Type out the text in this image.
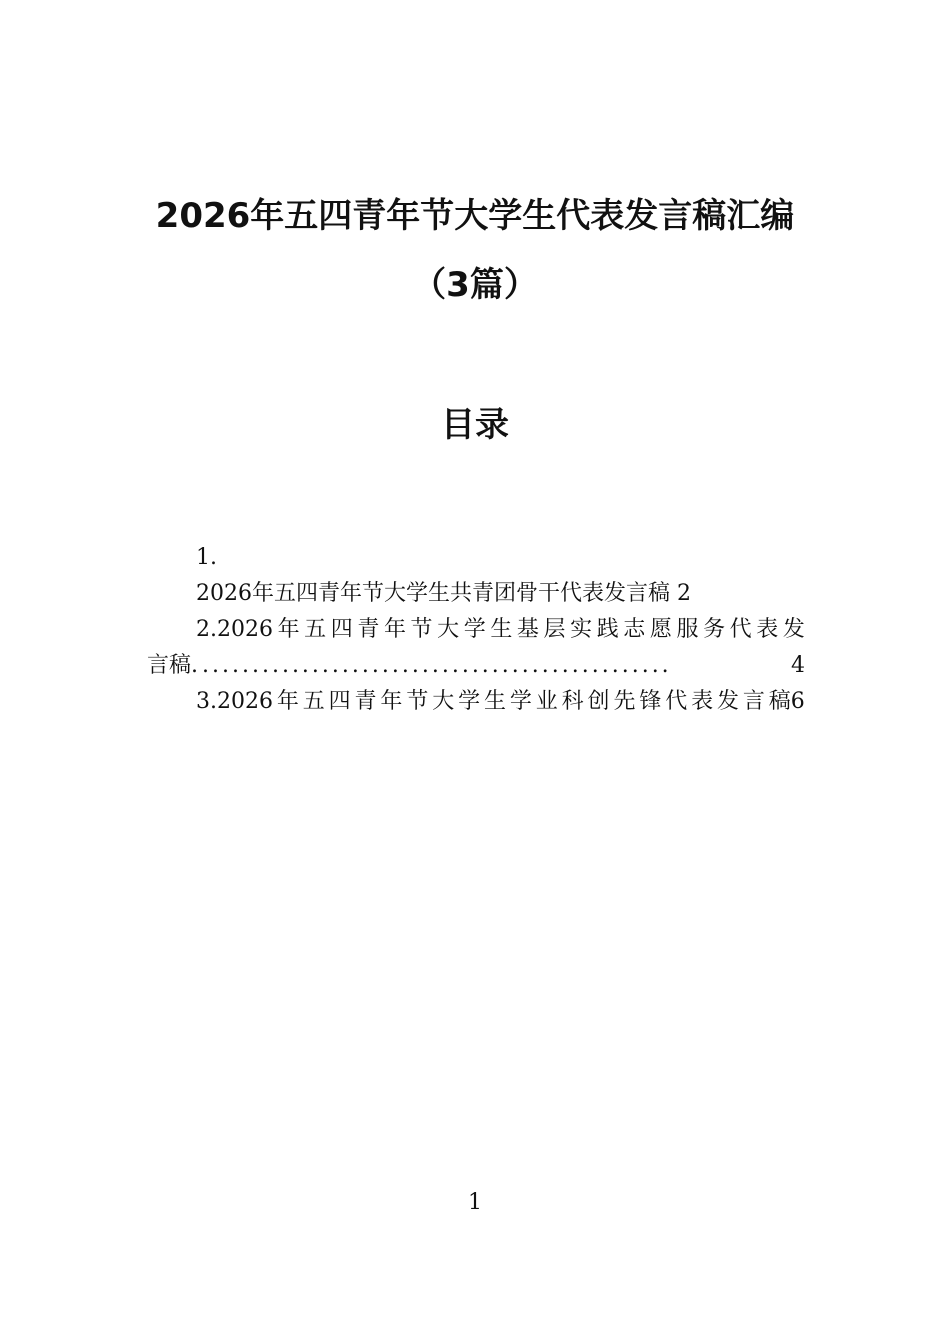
2026年五四青年节大学生代表发言稿汇编
（3篇）
目录
1.
2026年五四青年节大学生共青团骨干代表发言稿 2
2.2026 年 五 四 青 年 节 大 学 生 基 层 实 践 志 愿 服 务 代 表 发
言稿. ...............................................	4
3.2026 年 五 四 青 年 节 大 学 生 学 业 科 创 先 锋 代 表 发 言 稿6
1
